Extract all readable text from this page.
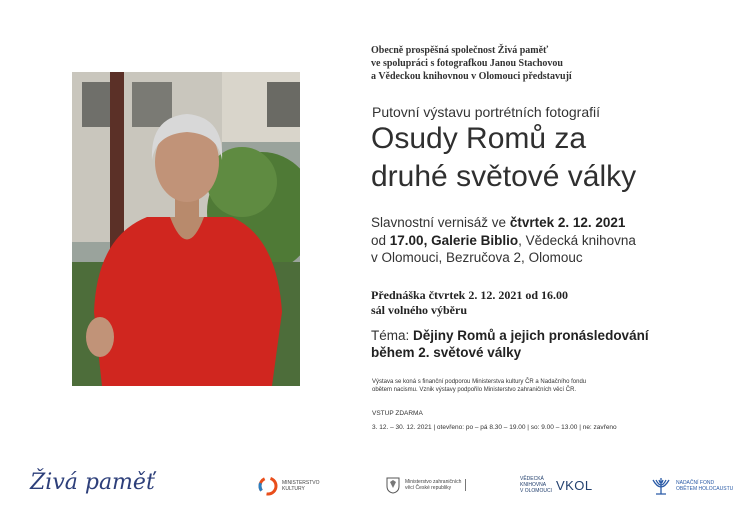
Obecně prospěšná společnost Živá paměť
ve spolupráci s fotografkou Janou Stachovou
a Vědeckou knihovnou v Olomouci představují
Putovní výstavu portrétních fotografií
Osudy Romů za
druhé světové války
Slavnostní vernisáž ve čtvrtek 2. 12. 2021
od 17.00, Galerie Biblio, Vědecká knihovna
v Olomouci, Bezručova 2, Olomouc
Přednáška čtvrtek 2. 12. 2021 od 16.00
sál volného výběru
Téma: Dějiny Romů a jejich pronásledování
během 2. světové války
Výstava se koná s finanční podporou Ministerstva kultury ČR a Nadačního fondu
obětem nacismu. Vznik výstavy podpořilo Ministerstvo zahraničních věcí ČR.
VSTUP ZDARMA
3. 12. – 30. 12. 2021 | otevřeno: po – pá 8.30 – 19.00 | so: 9.00 – 13.00 | ne: zavřeno
Živá paměť	MINISTERSTVO
KULTURY
Ministerstvo zahraničních
věcí České republiky
VĚDECKÁ
KNIHOVNA
V OLOMOUCI VKOL	NADAČNÍ FOND OBĚTEM HOLOCAUSTU
